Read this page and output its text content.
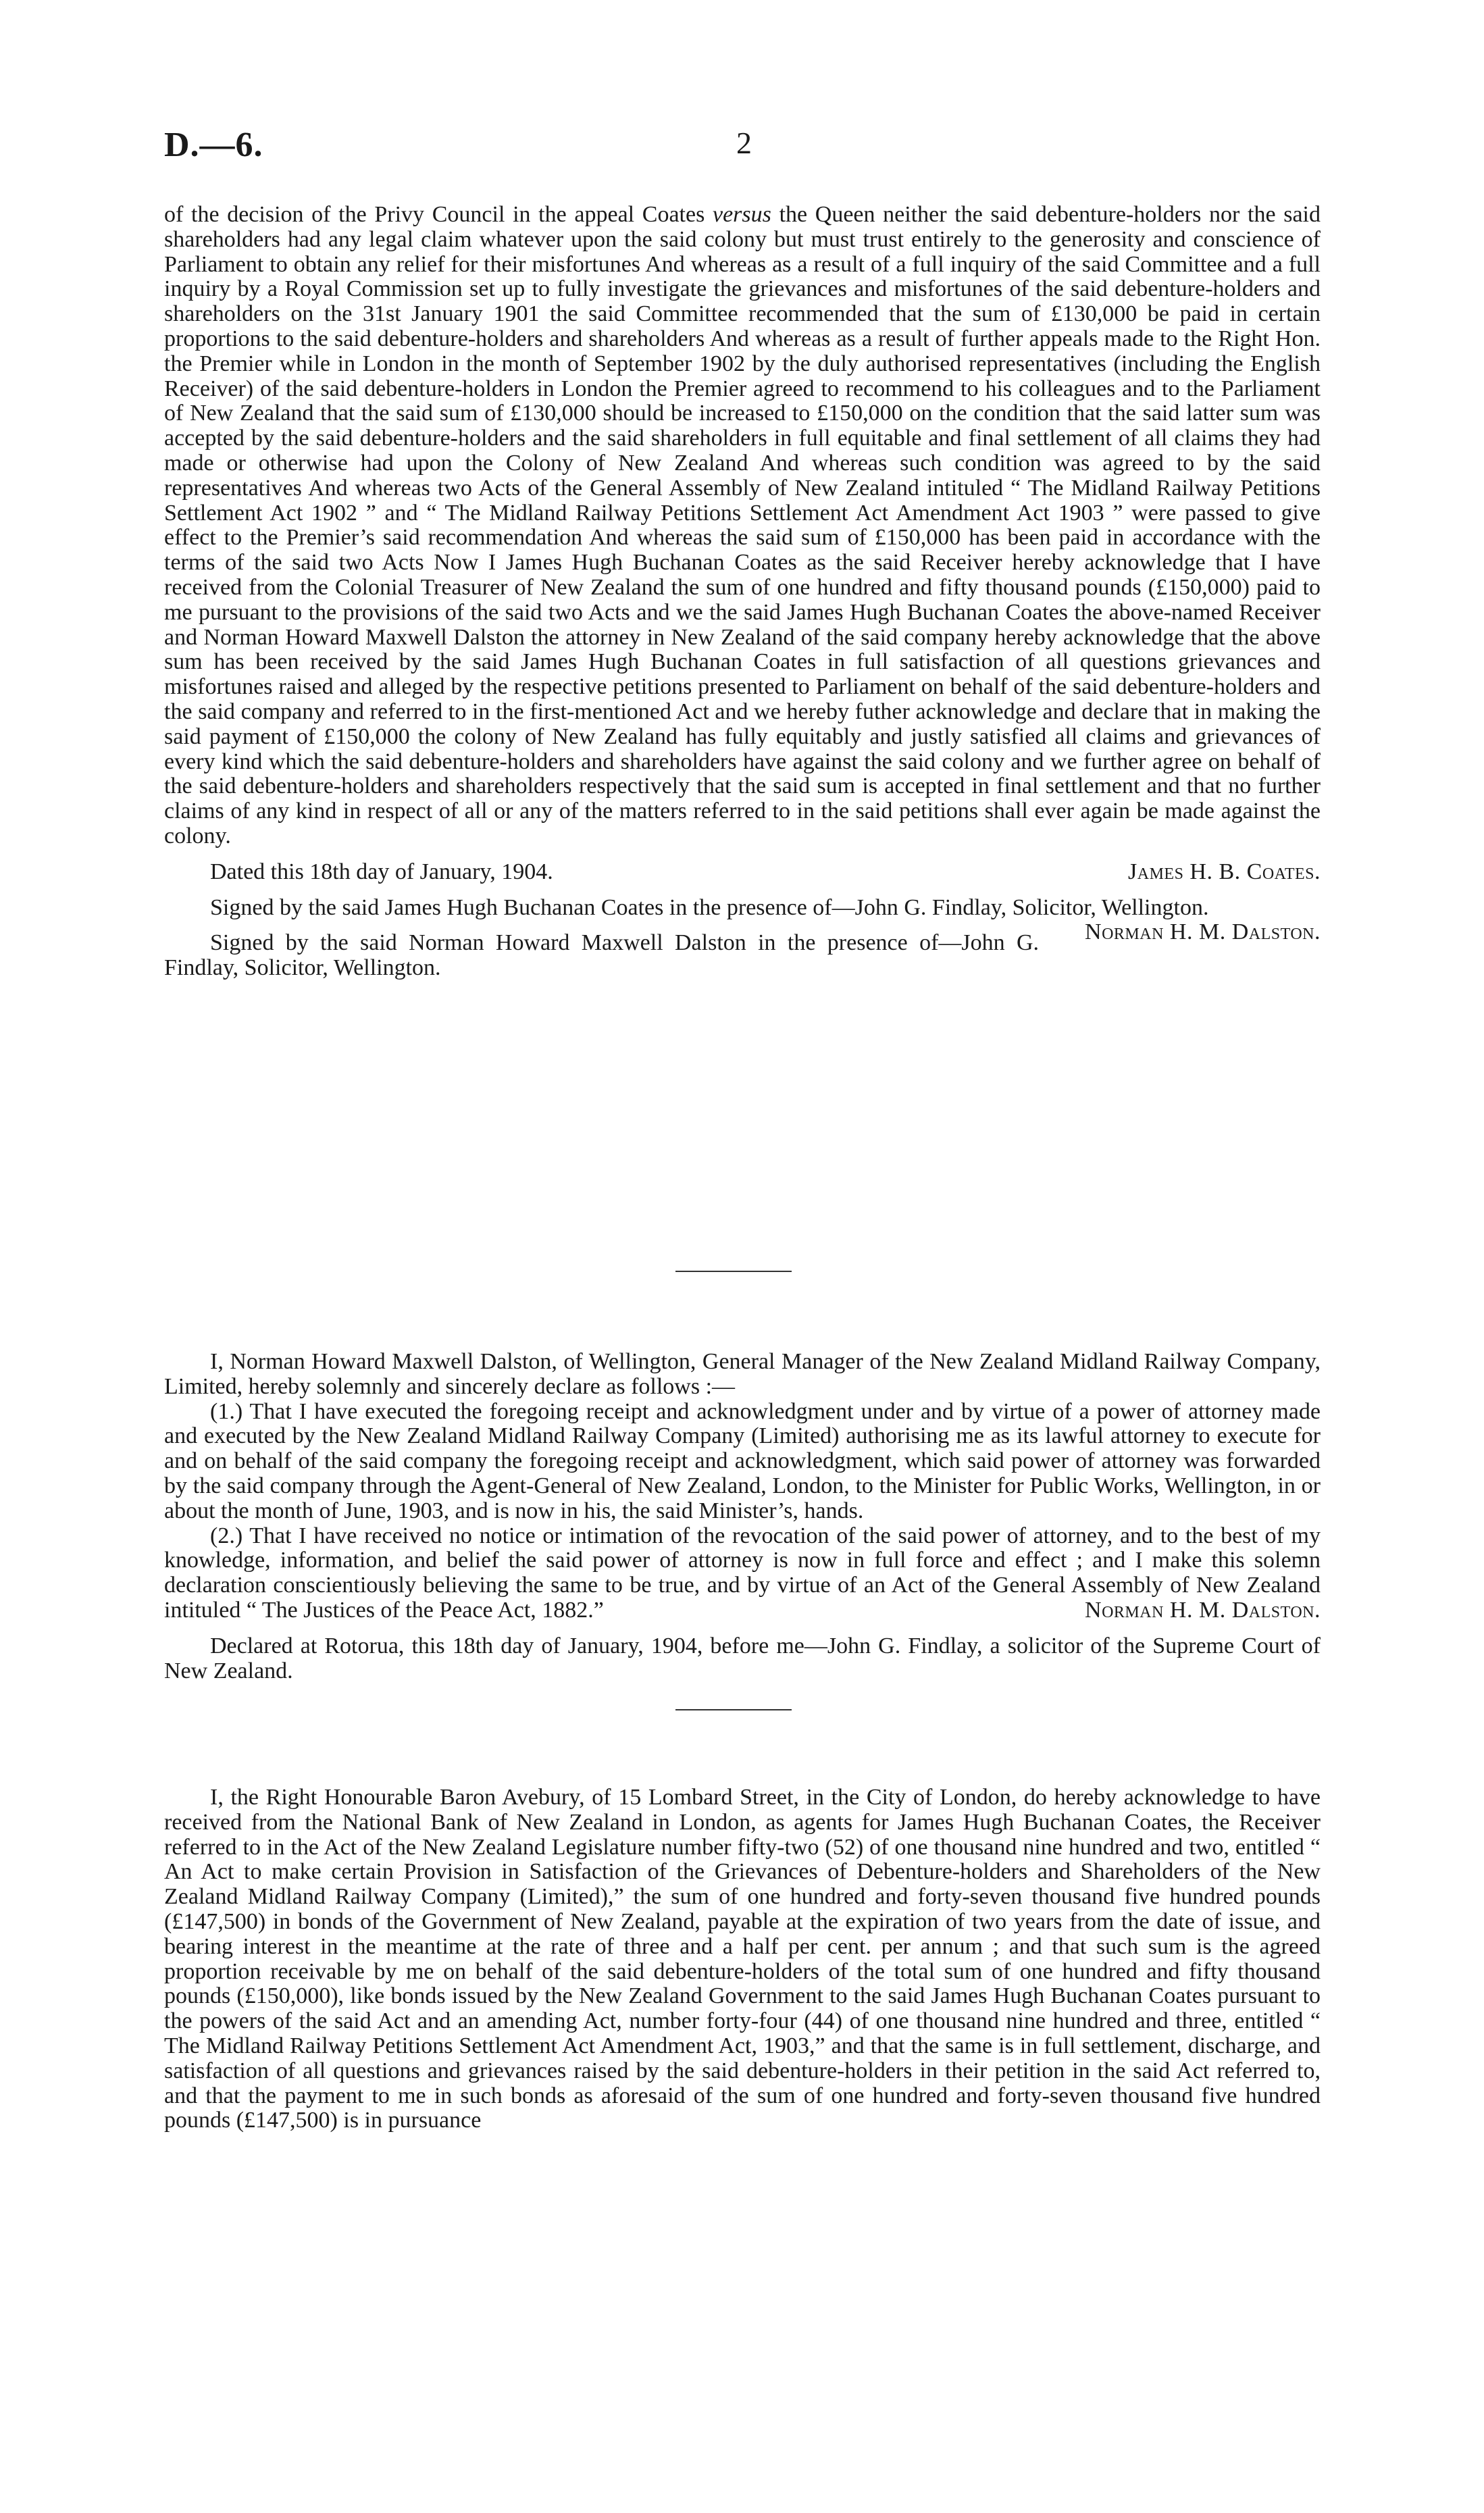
D.—6.	2

of the decision of the Privy Council in the appeal Coates versus the Queen neither the said debenture-holders nor the said shareholders had any legal claim whatever upon the said colony but must trust entirely to the generosity and conscience of Parliament to obtain any relief for their misfortunes And whereas as a result of a full inquiry of the said Committee and a full inquiry by a Royal Commission set up to fully investigate the grievances and misfortunes of the said debenture-holders and shareholders on the 31st January 1901 the said Committee recommended that the sum of £130,000 be paid in certain proportions to the said debenture-holders and shareholders And whereas as a result of further appeals made to the Right Hon. the Premier while in London in the month of September 1902 by the duly authorised representatives (including the English Receiver) of the said debenture-holders in London the Premier agreed to recommend to his colleagues and to the Parliament of New Zealand that the said sum of £130,000 should be increased to £150,000 on the condition that the said latter sum was accepted by the said debenture-holders and the said shareholders in full equitable and final settlement of all claims they had made or otherwise had upon the Colony of New Zealand And whereas such condition was agreed to by the said representatives And whereas two Acts of the General Assembly of New Zealand intituled “ The Midland Railway Petitions Settlement Act 1902 ” and “ The Midland Railway Petitions Settlement Act Amendment Act 1903 ” were passed to give effect to the Premier’s said recommendation And whereas the said sum of £150,000 has been paid in accordance with the terms of the said two Acts Now I James Hugh Buchanan Coates as the said Receiver hereby acknowledge that I have received from the Colonial Treasurer of New Zealand the sum of one hundred and fifty thousand pounds (£150,000) paid to me pursuant to the provisions of the said two Acts and we the said James Hugh Buchanan Coates the above-named Receiver and Norman Howard Maxwell Dalston the attorney in New Zealand of the said company hereby acknowledge that the above sum has been received by the said James Hugh Buchanan Coates in full satisfaction of all questions grievances and misfortunes raised and alleged by the respective petitions presented to Parliament on behalf of the said debenture-holders and the said company and referred to in the first-mentioned Act and we hereby futher acknowledge and declare that in making the said payment of £150,000 the colony of New Zealand has fully equitably and justly satisfied all claims and grievances of every kind which the said debenture-holders and shareholders have against the said colony and we further agree on behalf of the said debenture-holders and shareholders respectively that the said sum is accepted in final settlement and that no further claims of any kind in respect of all or any of the matters referred to in the said petitions shall ever again be made against the colony.

Dated this 18th day of January, 1904.	James H. B. Coates.

Signed by the said James Hugh Buchanan Coates in the presence of—John G. Findlay, Solicitor, Wellington.
Norman H. M. Dalston.

Signed by the said Norman Howard Maxwell Dalston in the presence of—John G. Findlay, Solicitor, Wellington.

I, Norman Howard Maxwell Dalston, of Wellington, General Manager of the New Zealand Midland Railway Company, Limited, hereby solemnly and sincerely declare as follows :—

(1.) That I have executed the foregoing receipt and acknowledgment under and by virtue of a power of attorney made and executed by the New Zealand Midland Railway Company (Limited) authorising me as its lawful attorney to execute for and on behalf of the said company the foregoing receipt and acknowledgment, which said power of attorney was forwarded by the said company through the Agent-General of New Zealand, London, to the Minister for Public Works, Wellington, in or about the month of June, 1903, and is now in his, the said Minister’s, hands.

(2.) That I have received no notice or intimation of the revocation of the said power of attorney, and to the best of my knowledge, information, and belief the said power of attorney is now in full force and effect ; and I make this solemn declaration conscientiously believing the same to be true, and by virtue of an Act of the General Assembly of New Zealand intituled “ The Justices of the Peace Act, 1882.”	Norman H. M. Dalston.

Declared at Rotorua, this 18th day of January, 1904, before me—John G. Findlay, a solicitor of the Supreme Court of New Zealand.

I, the Right Honourable Baron Avebury, of 15 Lombard Street, in the City of London, do hereby acknowledge to have received from the National Bank of New Zealand in London, as agents for James Hugh Buchanan Coates, the Receiver referred to in the Act of the New Zealand Legislature number fifty-two (52) of one thousand nine hundred and two, entitled “ An Act to make certain Provision in Satisfaction of the Grievances of Debenture-holders and Shareholders of the New Zealand Midland Railway Company (Limited),” the sum of one hundred and forty-seven thousand five hundred pounds (£147,500) in bonds of the Government of New Zealand, payable at the expiration of two years from the date of issue, and bearing interest in the meantime at the rate of three and a half per cent. per annum ; and that such sum is the agreed proportion receivable by me on behalf of the said debenture-holders of the total sum of one hundred and fifty thousand pounds (£150,000), like bonds issued by the New Zealand Government to the said James Hugh Buchanan Coates pursuant to the powers of the said Act and an amending Act, number forty-four (44) of one thousand nine hundred and three, entitled “ The Midland Railway Petitions Settlement Act Amendment Act, 1903,” and that the same is in full settlement, discharge, and satisfaction of all questions and grievances raised by the said debenture-holders in their petition in the said Act referred to, and that the payment to me in such bonds as aforesaid of the sum of one hundred and forty-seven thousand five hundred pounds (£147,500) is in pursuance
